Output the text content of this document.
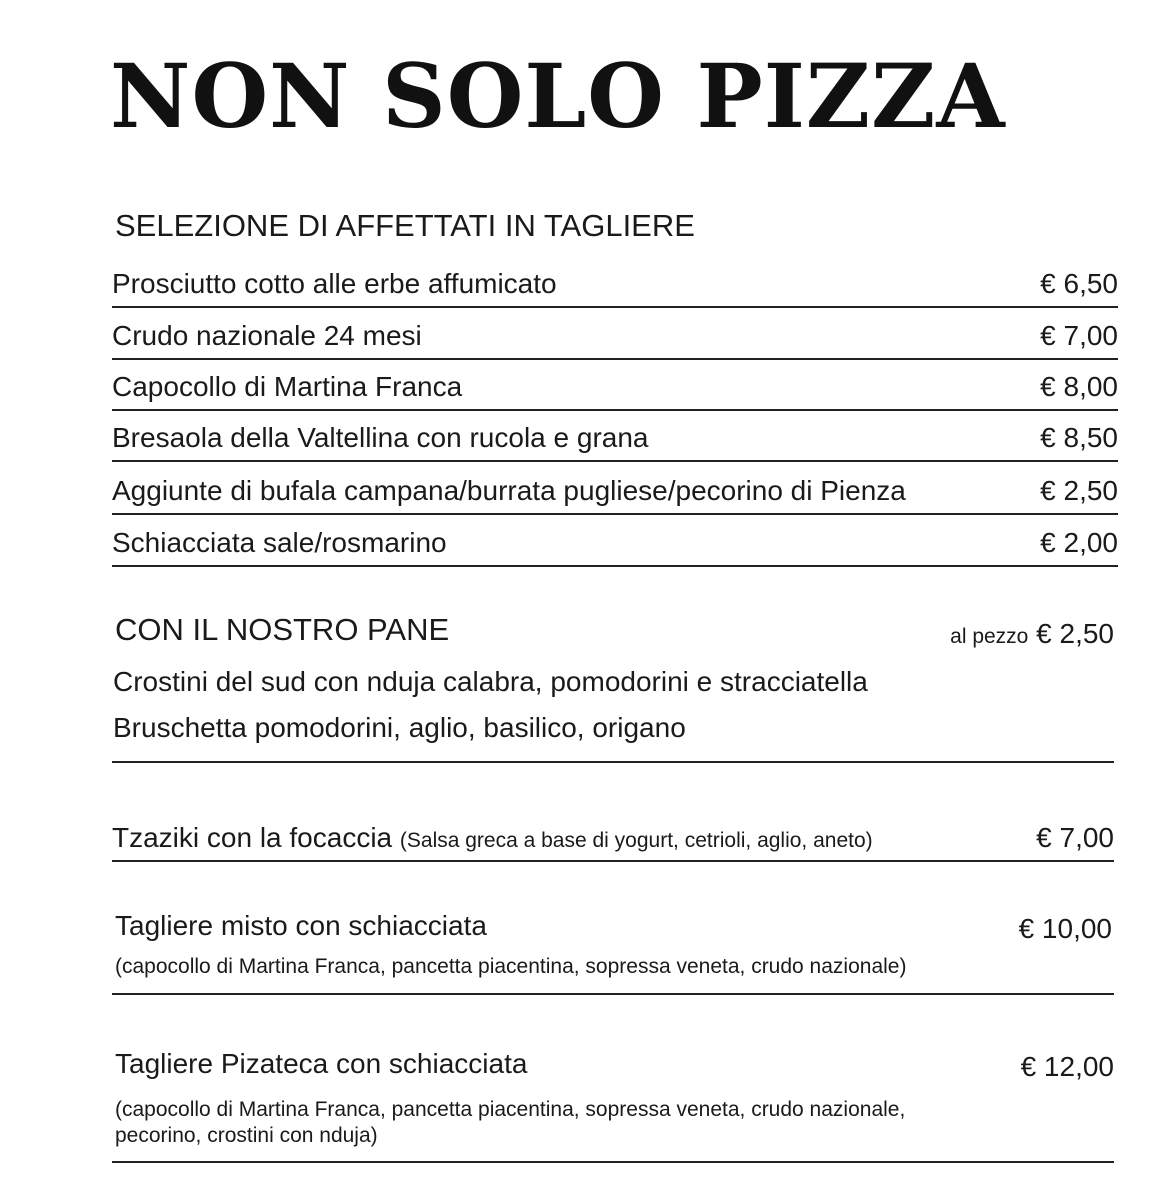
NON SOLO PIZZA
SELEZIONE DI AFFETTATI IN TAGLIERE
Prosciutto cotto alle erbe affumicato	€ 6,50
Crudo nazionale 24 mesi	€ 7,00
Capocollo di Martina Franca	€ 8,00
Bresaola della Valtellina con rucola e grana	€ 8,50
Aggiunte di bufala campana/burrata pugliese/pecorino di Pienza	€ 2,50
Schiacciata sale/rosmarino	€ 2,00
CON IL NOSTRO PANE	al pezzo € 2,50
Crostini del sud con nduja calabra, pomodorini e stracciatella
Bruschetta pomodorini, aglio, basilico, origano
Tzaziki con la focaccia (Salsa greca a base di yogurt, cetrioli, aglio, aneto)	€ 7,00
Tagliere misto con schiacciata	€ 10,00
(capocollo di Martina Franca, pancetta piacentina, sopressa veneta, crudo nazionale)
Tagliere Pizateca con schiacciata	€ 12,00
(capocollo di Martina Franca, pancetta piacentina, sopressa veneta, crudo nazionale,
pecorino, crostini con nduja)
